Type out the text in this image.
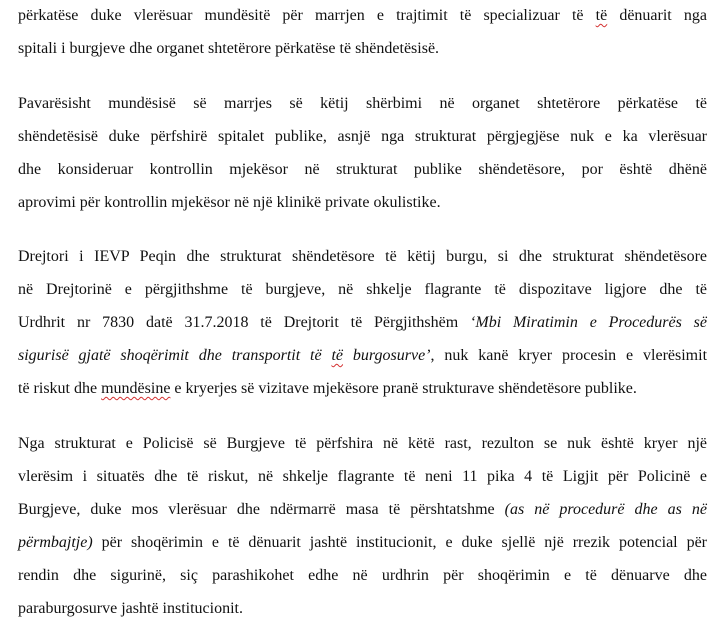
përkatëse duke vlerësuar mundësitë për marrjen e trajtimit të specializuar të të dënuarit nga
spitali i burgjeve dhe organet shtetërore përkatëse të shëndetësisë.
Pavarësisht mundësisë së marrjes së këtij shërbimi në organet shtetërore përkatëse të
shëndetësisë duke përfshirë spitalet publike, asnjë nga strukturat përgjegjëse nuk e ka vlerësuar
dhe konsideruar kontrollin mjekësor në strukturat publike shëndetësore, por është dhënë
aprovimi për kontrollin mjekësor në një klinikë private okulistike.
Drejtori i IEVP Peqin dhe strukturat shëndetësore të këtij burgu, si dhe strukturat shëndetësore
në Drejtorinë e përgjithshme të burgjeve, në shkelje flagrante të dispozitave ligjore dhe të
Urdhrit nr 7830 datë 31.7.2018 të Drejtorit të Përgjithshëm ‘Mbi Miratimin e Procedurës së
sigurisë gjatë shoqërimit dhe transportit të të burgosurve’, nuk kanë kryer procesin e vlerësimit
të riskut dhe mundësine e kryerjes së vizitave mjekësore pranë strukturave shëndetësore publike.
Nga strukturat e Policisë së Burgjeve të përfshira në këtë rast, rezulton se nuk është kryer një
vlerësim i situatës dhe të riskut, në shkelje flagrante të neni 11 pika 4 të Ligjit për Policinë e
Burgjeve, duke mos vlerësuar dhe ndërmarrë masa të përshtatshme (as në procedurë dhe as në
përmbajtje) për shoqërimin e të dënuarit jashtë institucionit, e duke sjellë një rrezik potencial për
rendin dhe sigurinë, siç parashikohet edhe në urdhrin për shoqërimin e të dënuarve dhe
paraburgosurve jashtë institucionit.
